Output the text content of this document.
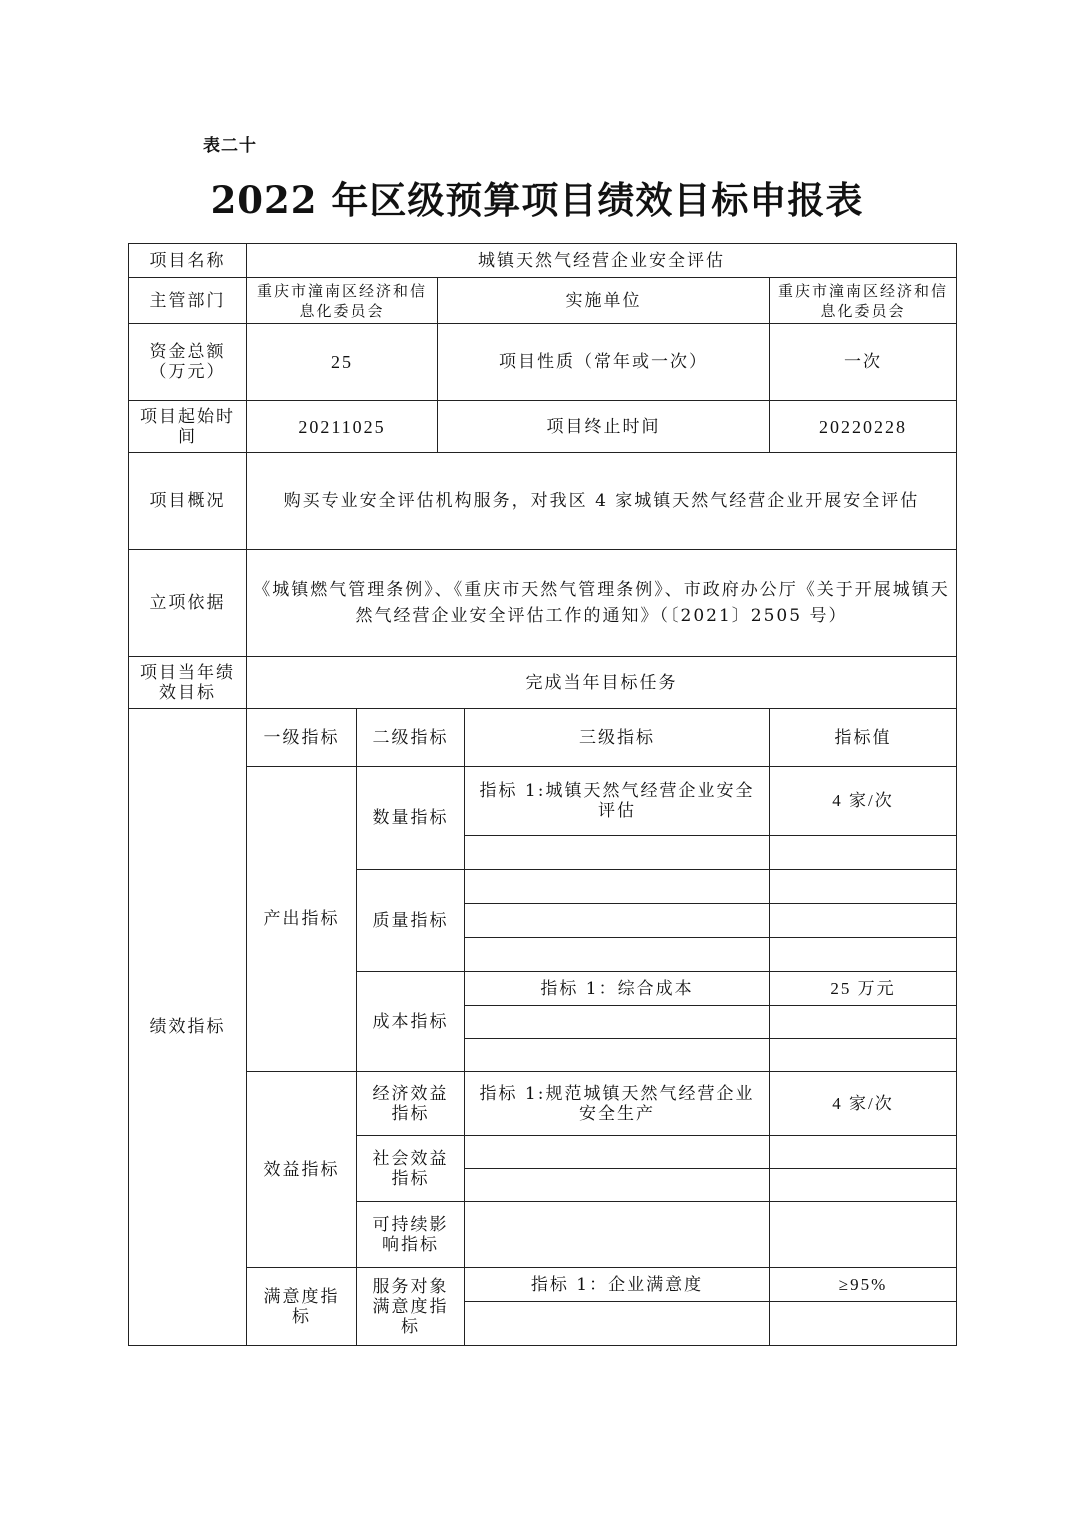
表二十
2022 年区级预算项目绩效目标申报表
项目名称	城镇天然气经营企业安全评估				
主管部门	重庆市潼南区经济和信息化委员会		实施单位		重庆市潼南区经济和信息化委员会
资金总额（万元）	25		项目性质（常年或一次）		一次
项目起始时间	20211025		项目终止时间		20220228
项目概况	购买专业安全评估机构服务，对我区 4 家城镇天然气经营企业开展安全评估				
立项依据	《城镇燃气管理条例》、《重庆市天然气管理条例》、市政府办公厅《关于开展城镇天然气经营企业安全评估工作的通知》（〔2021〕2505 号）				
项目当年绩效目标	完成当年目标任务				
绩效指标	一级指标	二级指标		三级指标	指标值
	产出指标	数量指标		指标 1:城镇天然气经营企业安全评估	4 家/次

		质量指标			

		成本指标		指标 1：综合成本	25 万元

	效益指标	经济效益指标		指标 1:规范城镇天然气经营企业安全生产	4 家/次
		社会效益指标			

		可持续影响指标			
	满意度指标	服务对象满意度指标		指标 1：企业满意度	≥95%
